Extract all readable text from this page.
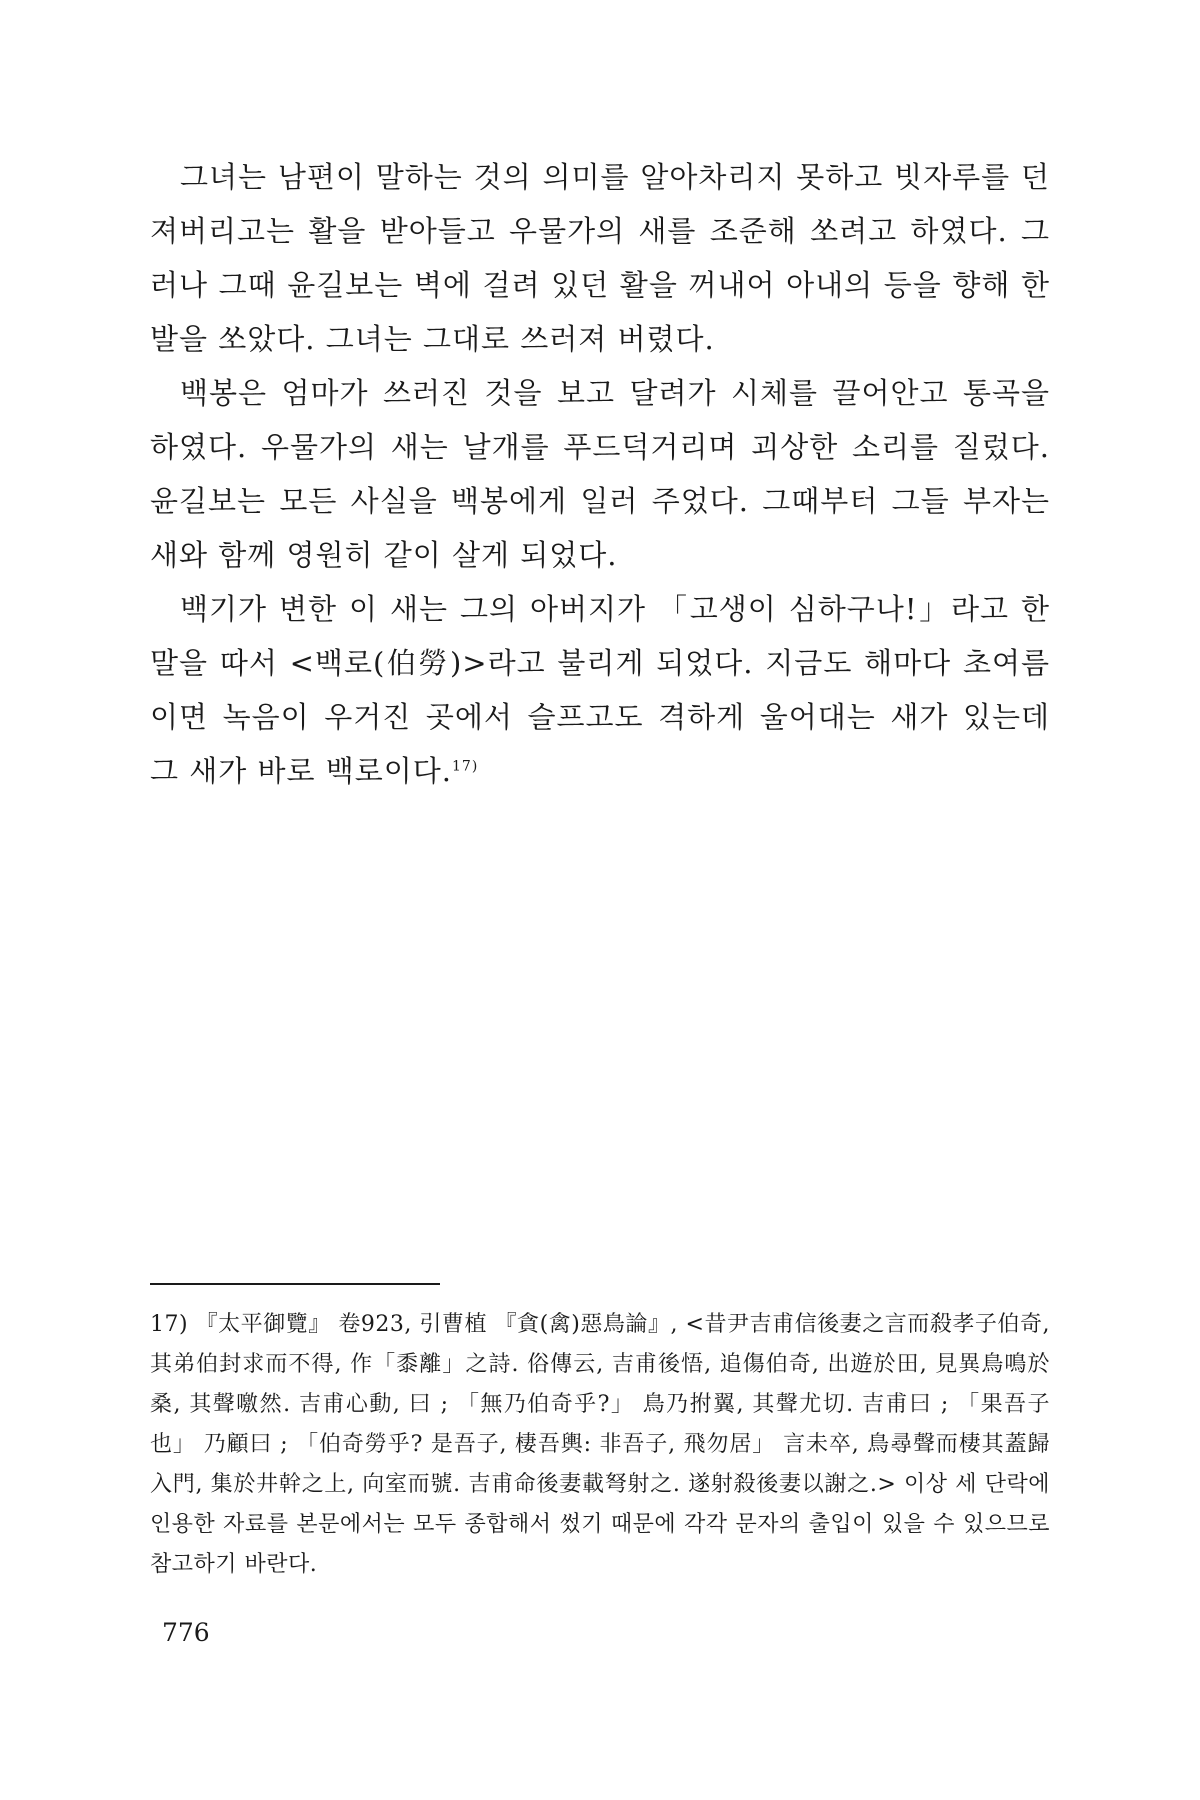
그녀는 남편이 말하는 것의 의미를 알아차리지 못하고 빗자루를 던져버리고는 활을 받아들고 우물가의 새를 조준해 쏘려고 하였다. 그러나 그때 윤길보는 벽에 걸려 있던 활을 꺼내어 아내의 등을 향해 한발을 쏘았다. 그녀는 그대로 쓰러져 버렸다.

백봉은 엄마가 쓰러진 것을 보고 달려가 시체를 끌어안고 통곡을 하였다. 우물가의 새는 날개를 푸드덕거리며 괴상한 소리를 질렀다. 윤길보는 모든 사실을 백봉에게 일러 주었다. 그때부터 그들 부자는 새와 함께 영원히 같이 살게 되었다.

백기가 변한 이 새는 그의 아버지가 「고생이 심하구나!」라고 한 말을 따서 <백로(伯勞)>라고 불리게 되었다. 지금도 해마다 초여름이면 녹음이 우거진 곳에서 슬프고도 격하게 울어대는 새가 있는데 그 새가 바로 백로이다.$^{17)}$

17) 『太平御覽』 卷923, 引曹植 『貪(禽)惡鳥論』, <昔尹吉甫信後妻之言而殺孝子伯奇, 其弟伯封求而不得, 作「黍離」之詩. 俗傳云, 吉甫後悟, 追傷伯奇, 出遊於田, 見異鳥鳴於桑, 其聲噭然. 吉甫心動, 曰 ; 「無乃伯奇乎?」 鳥乃拊翼, 其聲尤切. 吉甫曰 ; 「果吾子也」 乃顧曰 ; 「伯奇勞乎? 是吾子, 棲吾輿: 非吾子, 飛勿居」 言未卒, 鳥尋聲而棲其蓋歸入門, 集於井幹之上, 向室而號. 吉甫命後妻載弩射之. 遂射殺後妻以謝之.> 이상 세 단락에 인용한 자료를 본문에서는 모두 종합해서 썼기 때문에 각각 문자의 출입이 있을 수 있으므로 참고하기 바란다.
776
